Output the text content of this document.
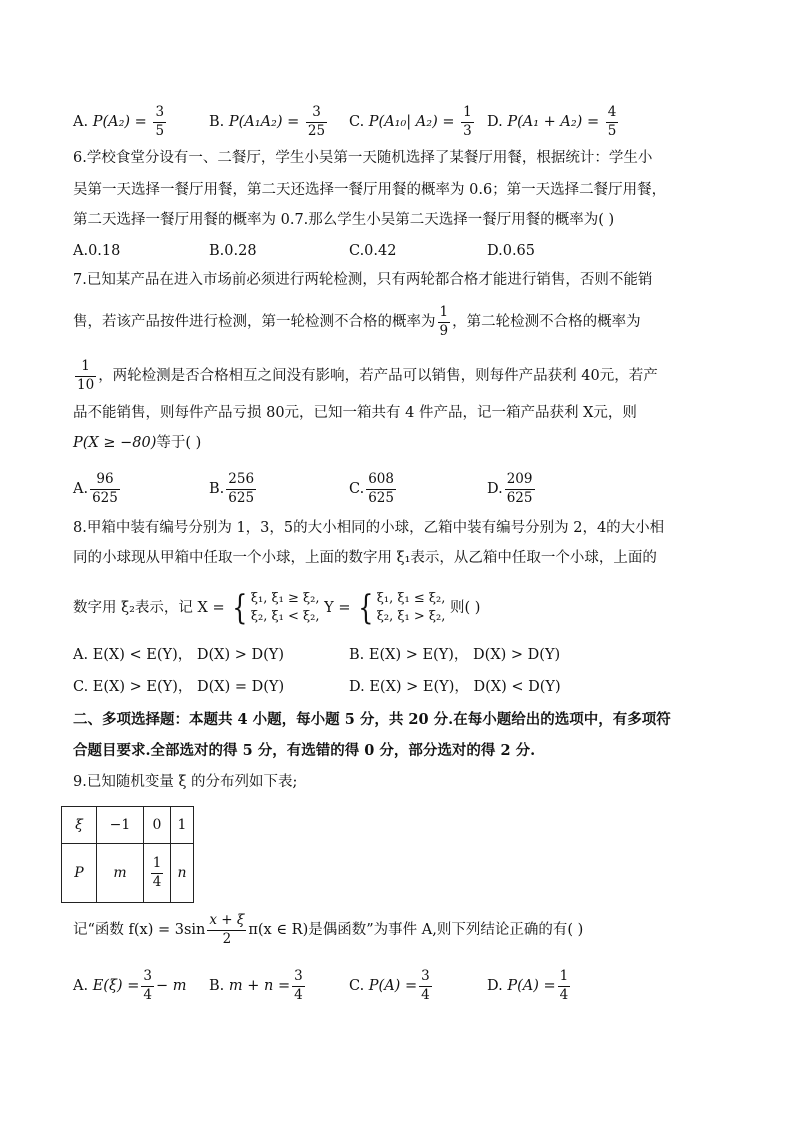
A. $P(A_2) = \frac{3}{5}$	B. $P(A_1A_2) = \frac{3}{25} C$. P(A₁₀| $A_2) = \frac{1}{3} D$. $P(A_1 + A_2) = \frac{4}{5}$
6.学校食堂分设有一、二餐厅，学生小吴第一天随机选择了某餐厅用餐，根据统计：学生小
吴第一天选择一餐厅用餐，第二天还选择一餐厅用餐的概率为 0.6；第一天选择二餐厅用餐，
第二天选择一餐厅用餐的概率为 0.7.那么学生小吴第二天选择一餐厅用餐的概率为( )
A.0.18	B.0.28	C.0.42	D.0.65
7.已知某产品在进入市场前必须进行两轮检测，只有两轮都合格才能进行销售，否则不能销
售，若该产品按件进行检测，第一轮检测不合格的概率为 $\frac{1}{9}$ ，第二轮检测不合格的概率为
$\frac{1}{10}$ ，两轮检测是否合格相互之间没有影响，若产品可以销售，则每件产品获利 40元，若产
品不能销售，则每件产品亏损 80元，已知一箱共有 4 件产品，记一箱产品获利 X元，则
P(X ≥ −80)等于( )
A. $\frac{96}{625}$	B. $\frac{256}{625}$	C. $\frac{608}{625}$	D. $\frac{209}{625}$
8.甲箱中装有编号分别为 1，3，5的大小相同的小球，乙箱中装有编号分别为 2，4的大小相
同的小球现从甲箱中任取一个小球，上面的数字用 ξ₁表示，从乙箱中任取一个小球，上面的
数字用 ξ₂表示，记 X = { ξ₁, ξ₁ ≥ ξ₂,
ξ₂, ξ₁ < ξ₂,
Y = { ξ₁, ξ₁ ≤ ξ₂,
ξ₂, ξ₁ > ξ₂,
则( )
A. E(X) < E(Y)， D(X) > D(Y)	B. E(X) > E(Y)， D(X) > D(Y)
C. E(X) > E(Y)， D(X) = D(Y)	D. E(X) > E(Y)， D(X) < D(Y)
二、多项选择题：本题共 4 小题，每小题 5 分，共 20 分.在每小题给出的选项中，有多项符
合题目要求.全部选对的得 5 分，有选错的得 0 分，部分选对的得 2 分.
9.已知随机变量 ξ 的分布列如下表;
ξ	−1	0	1
P	m	$\frac{1}{4}$	n
记“函数 $f(x) = 3\sin \frac{x + \xi}{2} \pi(x$ ∈ R)是偶函数”为事件 A,则下列结论正确的有( )
A. $E(\xi) = \frac{3}{4} - m$ B. $m + n = \frac{3}{4}$	C. $P(A) = \frac{3}{4}$	D. $P(A) = \frac{1}{4}$
